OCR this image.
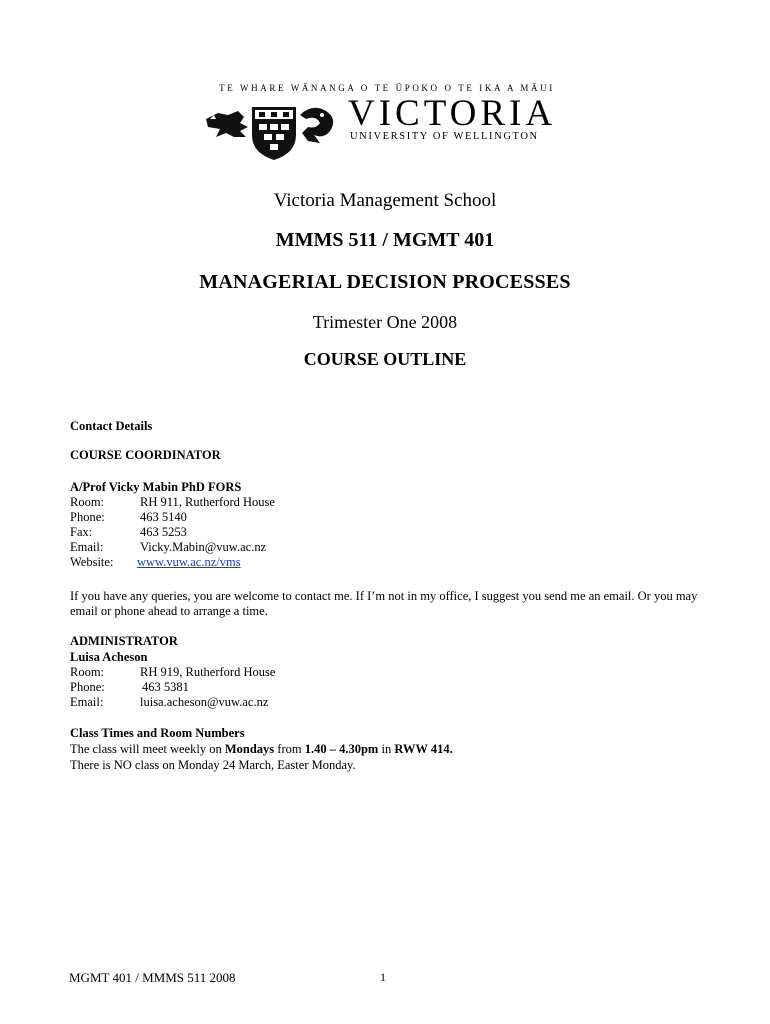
TE WHARE WĀNANGA O TE ŪPOKO O TE IKA A MĀUI
VICTORIA
UNIVERSITY OF WELLINGTON
Victoria Management School
MMMS 511 / MGMT 401
MANAGERIAL DECISION PROCESSES
Trimester One 2008
COURSE OUTLINE
Contact Details
COURSE COORDINATOR
A/Prof Vicky Mabin PhD FORS
Room:	RH 911, Rutherford House
Phone:	463 5140
Fax:	463 5253
Email:	Vicky.Mabin@vuw.ac.nz
Website:	www.vuw.ac.nz/vms
If you have any queries, you are welcome to contact me. If I’m not in my office, I suggest you send me an email. Or you may email or phone ahead to arrange a time.
ADMINISTRATOR
Luisa Acheson
Room:	RH 919, Rutherford House
Phone:	463 5381
Email:	luisa.acheson@vuw.ac.nz
Class Times and Room Numbers
The class will meet weekly on Mondays from 1.40 – 4.30pm in RWW 414.
There is NO class on Monday 24 March, Easter Monday.
MGMT 401 / MMMS 511 2008	1
